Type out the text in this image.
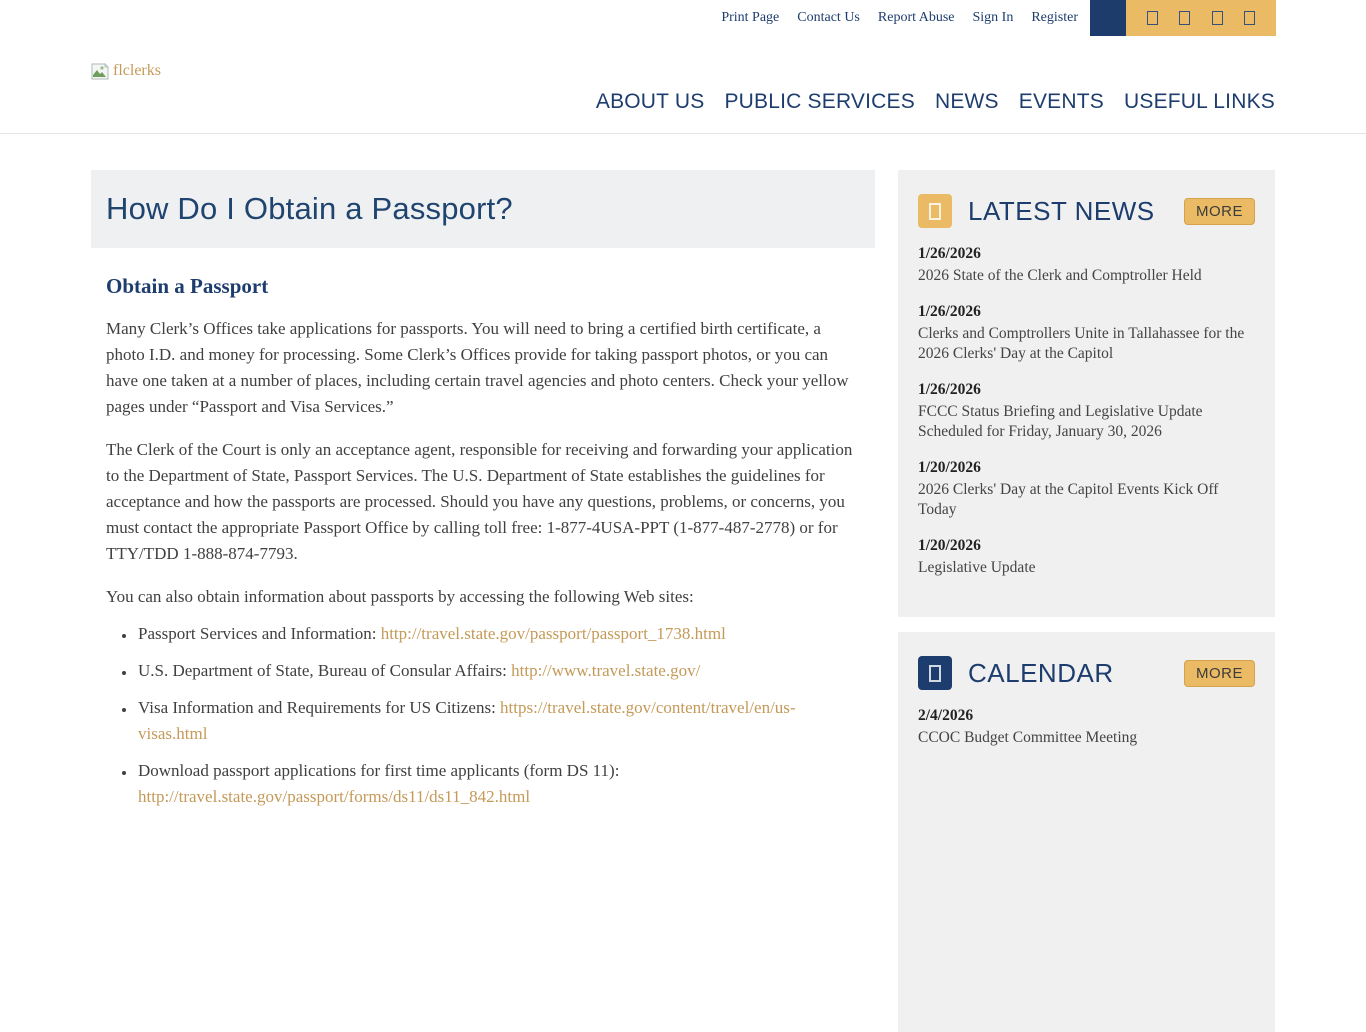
Print Page Contact Us Report Abuse Sign In Register
flclerks
ABOUT US PUBLIC SERVICES NEWS EVENTS USEFUL LINKS
How Do I Obtain a Passport?
Obtain a Passport

Many Clerk’s Offices take applications for passports. You will need to bring a certified birth certificate, a photo I.D. and money for processing. Some Clerk’s Offices provide for taking passport photos, or you can have one taken at a number of places, including certain travel agencies and photo centers. Check your yellow pages under “Passport and Visa Services.”

The Clerk of the Court is only an acceptance agent, responsible for receiving and forwarding your application to the Department of State, Passport Services. The U.S. Department of State establishes the guidelines for acceptance and how the passports are processed. Should you have any questions, problems, or concerns, you must contact the appropriate Passport Office by calling toll free: 1-877-4USA-PPT (1-877-487-2778) or for TTY/TDD 1-888-874-7793.

You can also obtain information about passports by accessing the following Web sites:

• Passport Services and Information: http://travel.state.gov/passport/passport_1738.html
• U.S. Department of State, Bureau of Consular Affairs: http://www.travel.state.gov/
• Visa Information and Requirements for US Citizens: https://travel.state.gov/content/travel/en/us-visas.html
• Download passport applications for first time applicants (form DS 11): http://travel.state.gov/passport/forms/ds11/ds11_842.html
LATEST NEWS	MORE
1/26/2026
2026 State of the Clerk and Comptroller Held
1/26/2026
Clerks and Comptrollers Unite in Tallahassee for the 2026 Clerks' Day at the Capitol
1/26/2026
FCCC Status Briefing and Legislative Update Scheduled for Friday, January 30, 2026
1/20/2026
2026 Clerks' Day at the Capitol Events Kick Off Today
1/20/2026
Legislative Update
CALENDAR	MORE
2/4/2026
CCOC Budget Committee Meeting
